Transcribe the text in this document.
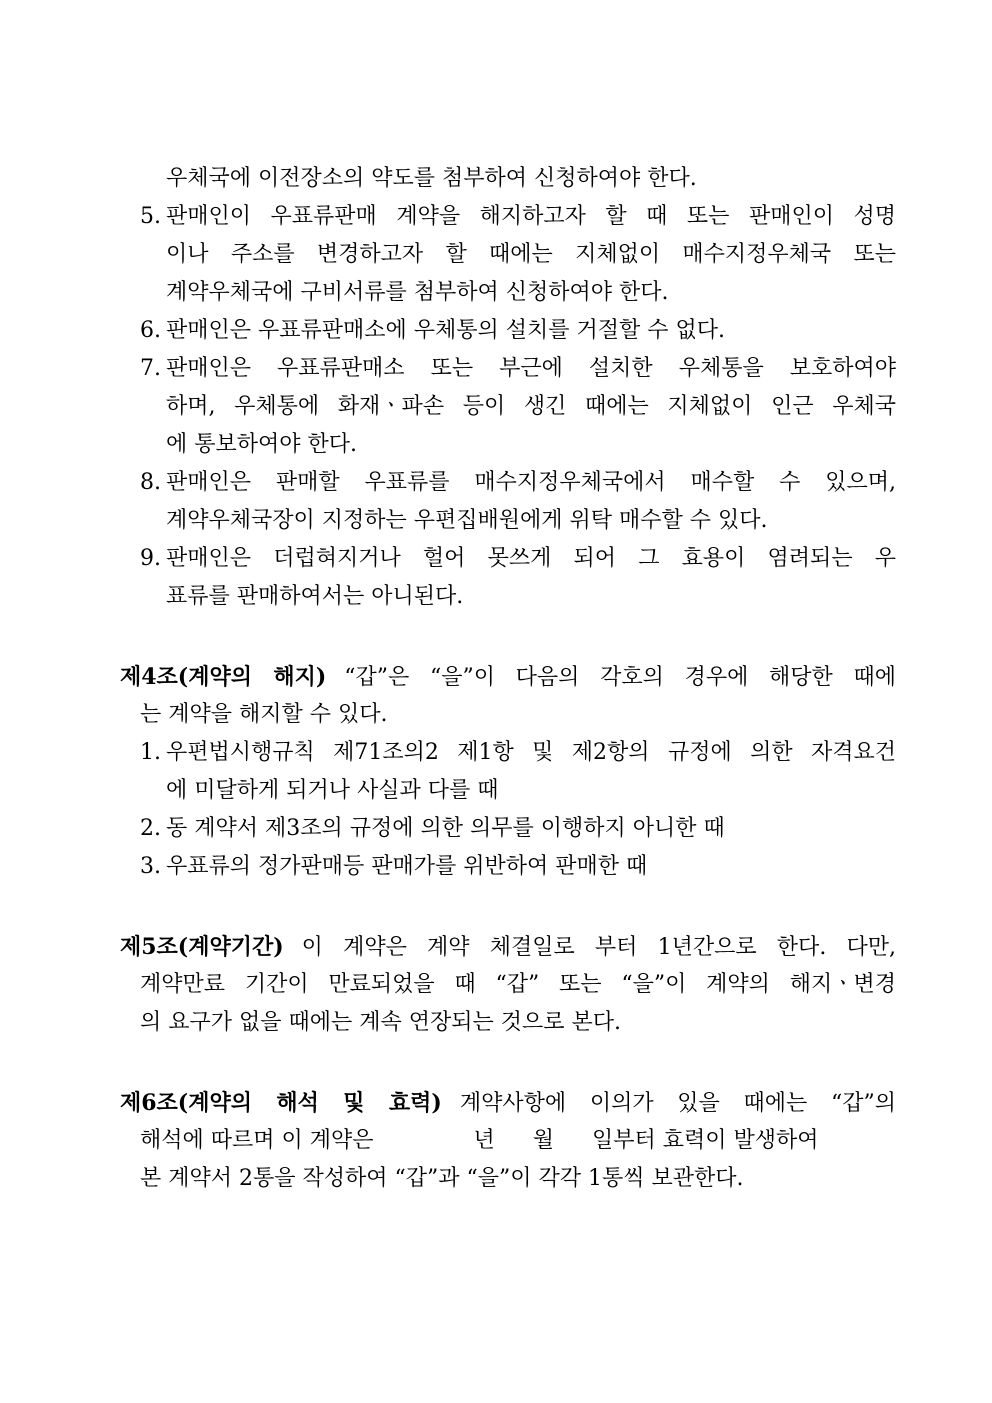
우체국에 이전장소의 약도를 첨부하여 신청하여야 한다.
5. 판매인이 우표류판매 계약을 해지하고자 할 때 또는 판매인이 성명
이나 주소를 변경하고자 할 때에는 지체없이 매수지정우체국 또는
계약우체국에 구비서류를 첨부하여 신청하여야 한다.
6. 판매인은 우표류판매소에 우체통의 설치를 거절할 수 없다.
7. 판매인은 우표류판매소 또는 부근에 설치한 우체통을 보호하여야
하며, 우체통에 화재ㆍ파손 등이 생긴 때에는 지체없이 인근 우체국
에 통보하여야 한다.
8. 판매인은 판매할 우표류를 매수지정우체국에서 매수할 수 있으며,
계약우체국장이 지정하는 우편집배원에게 위탁 매수할 수 있다.
9. 판매인은 더럽혀지거나 헐어 못쓰게 되어 그 효용이 염려되는 우
표류를 판매하여서는 아니된다.
제4조(계약의 해지) “갑”은 “을”이 다음의 각호의 경우에 해당한 때에
는 계약을 해지할 수 있다.
1. 우편법시행규칙 제71조의2 제1항 및 제2항의 규정에 의한 자격요건
에 미달하게 되거나 사실과 다를 때
2. 동 계약서 제3조의 규정에 의한 의무를 이행하지 아니한 때
3. 우표류의 정가판매등 판매가를 위반하여 판매한 때
제5조(계약기간) 이 계약은 계약 체결일로 부터 1년간으로 한다. 다만,
계약만료 기간이 만료되었을 때 “갑” 또는 “을”이 계약의 해지ㆍ변경
의 요구가 없을 때에는 계속 연장되는 것으로 본다.
제6조(계약의 해석 및 효력) 계약사항에 이의가 있을 때에는 “갑”의
해석에 따르며 이 계약은	년 월 일부터 효력이 발생하여
본 계약서 2통을 작성하여 “갑”과 “을”이 각각 1통씩 보관한다.
